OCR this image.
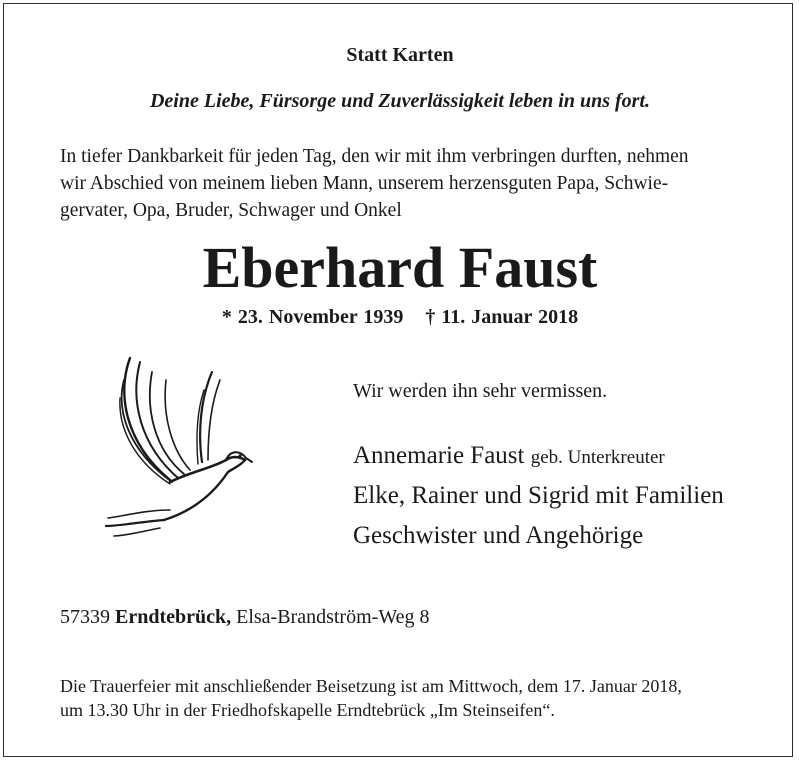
Statt Karten
Deine Liebe, Fürsorge und Zuverlässigkeit leben in uns fort.
In tiefer Dankbarkeit für jeden Tag, den wir mit ihm verbringen durften, nehmen
wir Abschied von meinem lieben Mann, unserem herzensguten Papa, Schwie-
gervater, Opa, Bruder, Schwager und Onkel
Eberhard Faust
* 23. November 1939 † 11. Januar 2018
Wir werden ihn sehr vermissen.
Annemarie Faust geb. Unterkreuter
Elke, Rainer und Sigrid mit Familien
Geschwister und Angehörige
57339 Erndtebrück, Elsa-Brandström-Weg 8
Die Trauerfeier mit anschließender Beisetzung ist am Mittwoch, dem 17. Januar 2018,
um 13.30 Uhr in der Friedhofskapelle Erndtebrück „Im Steinseifen“.
